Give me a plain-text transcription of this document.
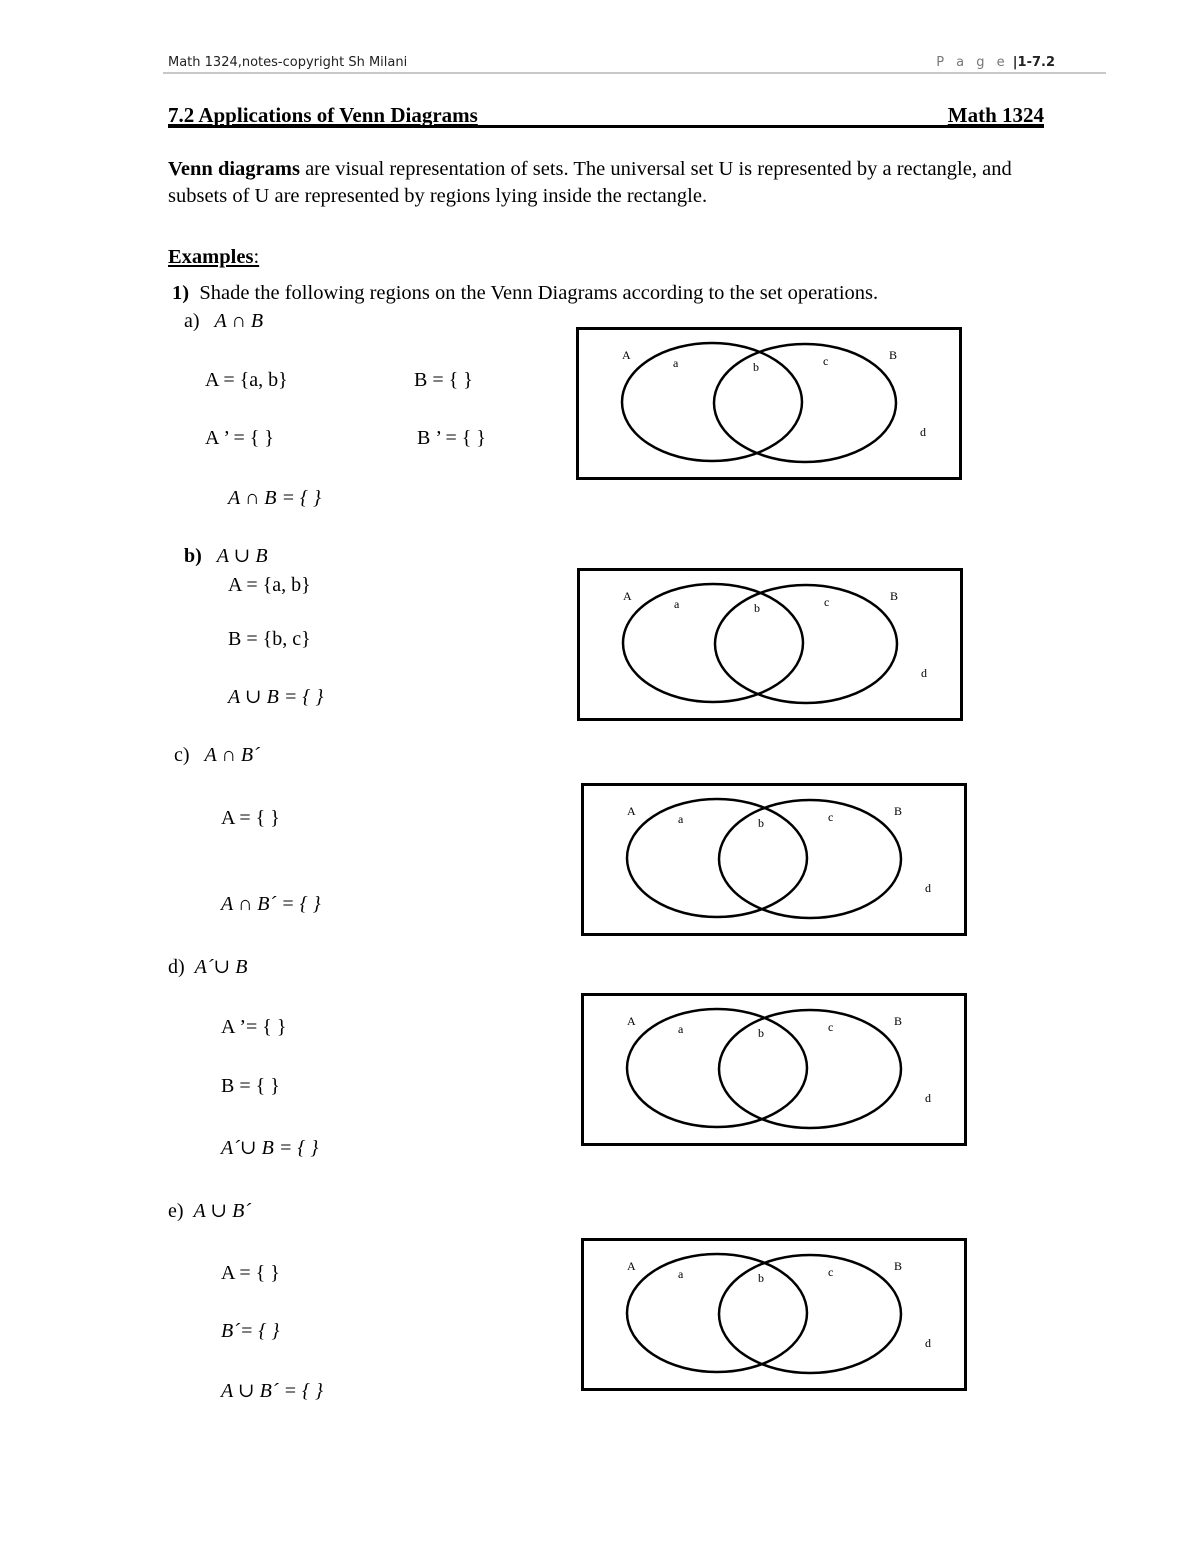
Math 1324,notes-copyright Sh Milani	P a g e |1-7.2
7.2 Applications of Venn Diagrams	Math 1324
Venn diagrams are visual representation of sets. The universal set U is represented by a rectangle, and subsets of U are represented by regions lying inside the rectangle.
Examples:
1) Shade the following regions on the Venn Diagrams according to the set operations.
a) A ∩ B
A = {a, b}	B = { }
A ’ = { }	B ’ = { }
A ∩ B = { }
b) A ∪ B
A = {a, b}
B = {b, c}
A ∪ B = { }
c) A ∩ B´
A = { }
A ∩ B´ = { }
d) A´∪ B
A ’= { }
B = { }
A´∪ B = { }
e) A ∪ B´
A = { }
B´= { }
A ∪ B´ = { }
A
a	b	c	B
d
A
a	b	c	B
d
A
a	b	c	B
d
A
a	b	c	B
d
A
a	b	c	B
d
